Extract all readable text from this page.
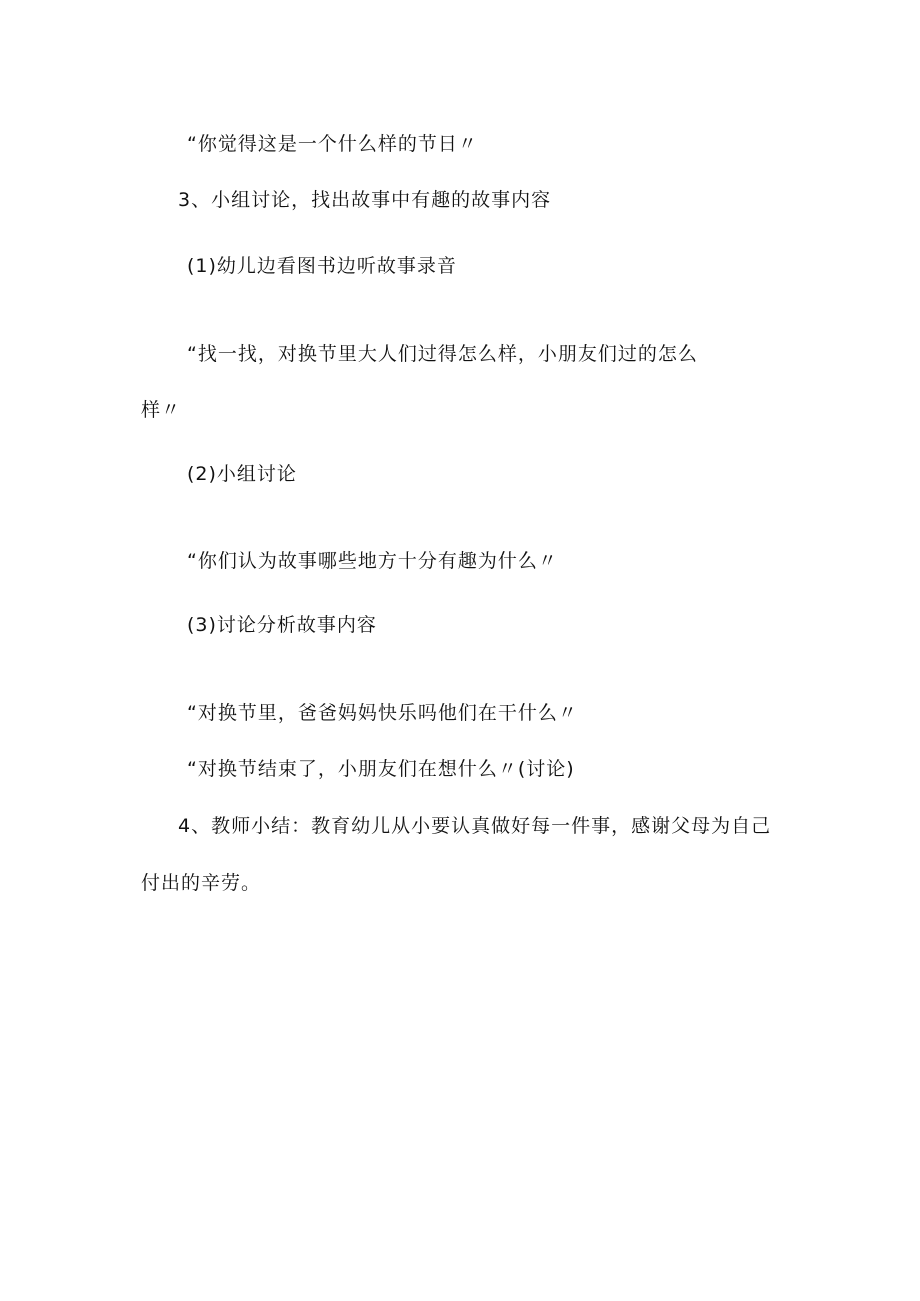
“你觉得这是一个什么样的节日〃
3、小组讨论，找出故事中有趣的故事内容
(1)幼儿边看图书边听故事录音
“找一找，对换节里大人们过得怎么样，小朋友们过的怎么
样〃
(2)小组讨论
“你们认为故事哪些地方十分有趣为什么〃
(3)讨论分析故事内容
“对换节里，爸爸妈妈快乐吗他们在干什么〃
“对换节结束了，小朋友们在想什么〃(讨论)
4、教师小结：教育幼儿从小要认真做好每一件事，感谢父母为自己
付出的辛劳。
